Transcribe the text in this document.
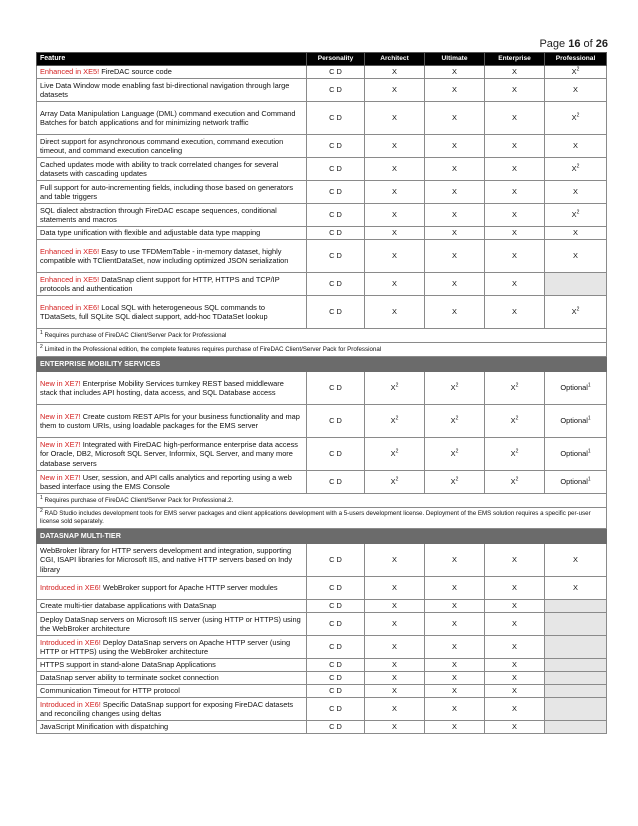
Page 16 of 26
Feature	Personality	Architect	Ultimate	Enterprise	Professional
Enhanced in XE5! FireDAC source code	C D	X	X	X	$X^2$
Live Data Window mode enabling fast bi-directional navigation through large datasets	C D	X	X	X	X
Array Data Manipulation Language (DML) command execution and Command Batches for batch applications and for minimizing network traffic	C D	X	X	X	$X^2$
Direct support for asynchronous command execution, command execution timeout, and command execution canceling	C D	X	X	X	X
Cached updates mode with ability to track correlated changes for several datasets with cascading updates	C D	X	X	X	$X^2$
Full support for auto-incrementing fields, including those based on generators and table triggers	C D	X	X	X	X
SQL dialect abstraction through FireDAC escape sequences, conditional statements and macros	C D	X	X	X	$X^2$
Data type unification with flexible and adjustable data type mapping	C D	X	X	X	X
Enhanced in XE6! Easy to use TFDMemTable - in-memory dataset, highly compatible with TClientDataSet, now including optimized JSON serialization	C D	X	X	X	X
Enhanced in XE5! DataSnap client support for HTTP, HTTPS and TCP/IP protocols and authentication	C D	X	X	X	
Enhanced in XE6! Local SQL with heterogeneous SQL commands to TDataSets, full SQLite SQL dialect support, add-hoc TDataSet lookup	C D	X	X	X	$X^2$
$^1$ Requires purchase of FireDAC Client/Server Pack for Professional					
$^2$ Limited in the Professional edition, the complete features requires purchase of FireDAC Client/Server Pack for Professional					
ENTERPRISE MOBILITY SERVICES					
New in XE7! Enterprise Mobility Services turnkey REST based middleware stack that includes API hosting, data access, and SQL Database access	C D	$X^2$	$X^2$	$X^2$	Optional$^1$
New in XE7! Create custom REST APIs for your business functionality and map them to custom URIs, using loadable packages for the EMS server	C D	$X^2$	$X^2$	$X^2$	Optional$^1$
New in XE7! Integrated with FireDAC high-performance enterprise data access for Oracle, DB2, Microsoft SQL Server, Informix, SQL Server, and many more database servers	C D	$X^2$	$X^2$	$X^2$	Optional$^1$
New in XE7! User, session, and API calls analytics and reporting using a web based interface using the EMS Console	C D	$X^2$	$X^2$	$X^2$	Optional$^1$
$^1$ Requires purchase of FireDAC Client/Server Pack for Professional.2.					
$^2$ RAD Studio includes development tools for EMS server packages and client applications development with a 5-users development license. Deployment of the EMS solution requires a specific per-user license sold separately.					
DATASNAP MULTI-TIER					
WebBroker library for HTTP servers development and integration, supporting CGI, ISAPI libraries for Microsoft IIS, and native HTTP servers based on Indy library	C D	X	X	X	X
Introduced in XE6! WebBroker support for Apache HTTP server modules	C D	X	X	X	X
Create multi-tier database applications with DataSnap	C D	X	X	X	
Deploy DataSnap servers on Microsoft IIS server (using HTTP or HTTPS) using the WebBroker architecture	C D	X	X	X	
Introduced in XE6! Deploy DataSnap servers on Apache HTTP server (using HTTP or HTTPS) using the WebBroker architecture	C D	X	X	X	
HTTPS support in stand-alone DataSnap Applications	C D	X	X	X	
DataSnap server ability to terminate socket connection	C D	X	X	X	
Communication Timeout for HTTP protocol	C D	X	X	X	
Introduced in XE6! Specific DataSnap support for exposing FireDAC datasets and reconciling changes using deltas	C D	X	X	X	
JavaScript Minification with dispatching	C D	X	X	X	
